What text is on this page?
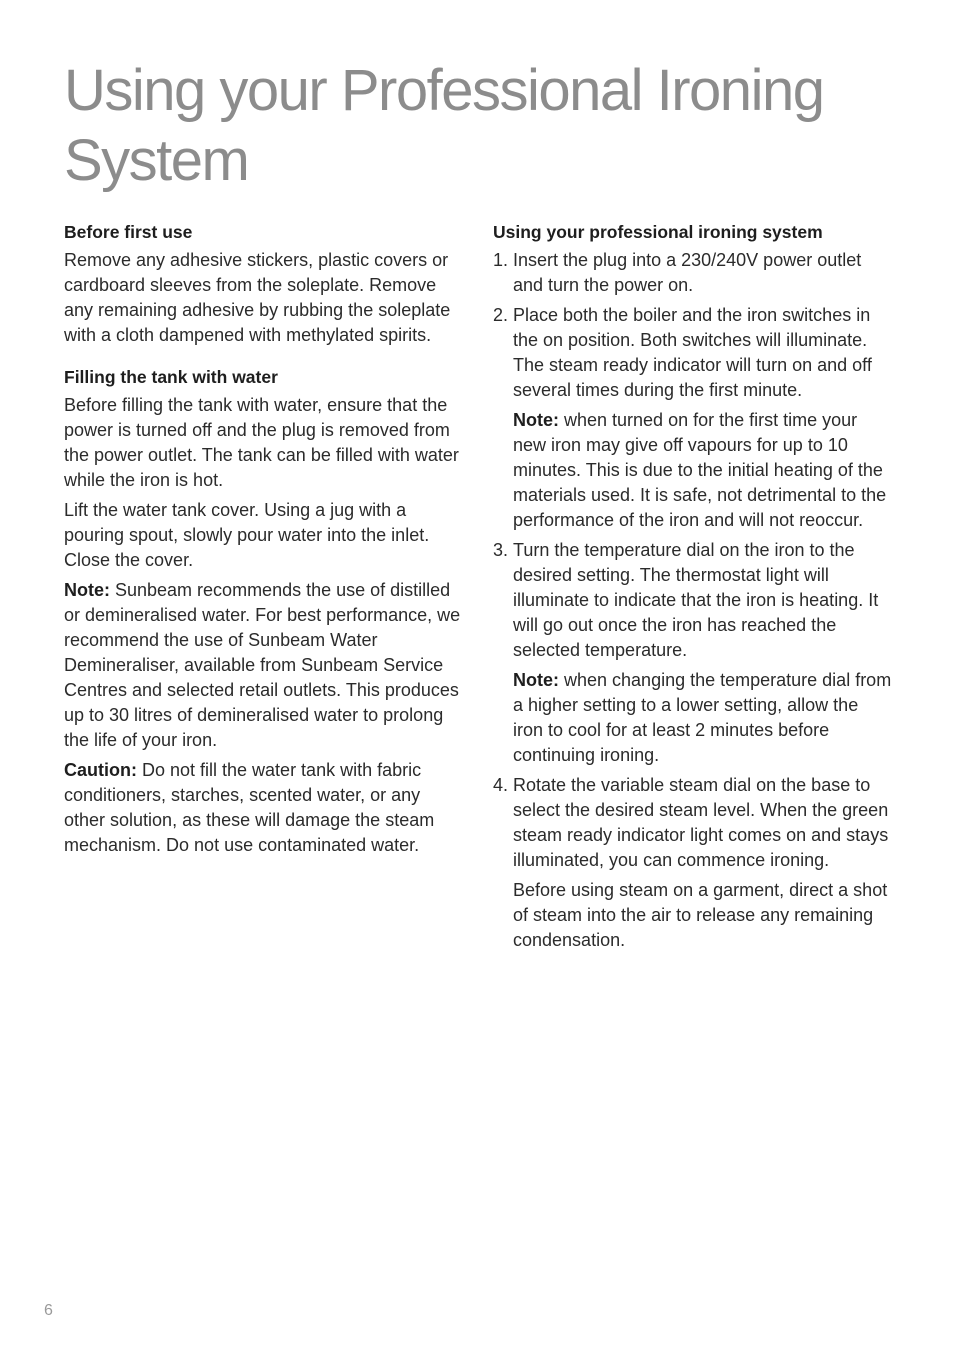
Using your Professional Ironing System

Before first use

Remove any adhesive stickers, plastic covers or cardboard sleeves from the soleplate. Remove any remaining adhesive by rubbing the soleplate with a cloth dampened with methylated spirits.

Filling the tank with water

Before filling the tank with water, ensure that the power is turned off and the plug is removed from the power outlet. The tank can be filled with water while the iron is hot.

Lift the water tank cover. Using a jug with a pouring spout, slowly pour water into the inlet. Close the cover.

Note: Sunbeam recommends the use of distilled or demineralised water. For best performance, we recommend the use of Sunbeam Water Demineraliser, available from Sunbeam Service Centres and selected retail outlets. This produces up to 30 litres of demineralised water to prolong the life of your iron.

Caution: Do not fill the water tank with fabric conditioners, starches, scented water, or any other solution, as these will damage the steam mechanism. Do not use contaminated water.

Using your professional ironing system

1. Insert the plug into a 230/240V power outlet and turn the power on.

2. Place both the boiler and the iron switches in the on position. Both switches will illuminate. The steam ready indicator will turn on and off several times during the first minute.

Note: when turned on for the first time your new iron may give off vapours for up to 10 minutes. This is due to the initial heating of the materials used. It is safe, not detrimental to the performance of the iron and will not reoccur.

3. Turn the temperature dial on the iron to the desired setting. The thermostat light will illuminate to indicate that the iron is heating. It will go out once the iron has reached the selected temperature.

Note: when changing the temperature dial from a higher setting to a lower setting, allow the iron to cool for at least 2 minutes before continuing ironing.

4. Rotate the variable steam dial on the base to select the desired steam level. When the green steam ready indicator light comes on and stays illuminated, you can commence ironing.

Before using steam on a garment, direct a shot of steam into the air to release any remaining condensation.

6
